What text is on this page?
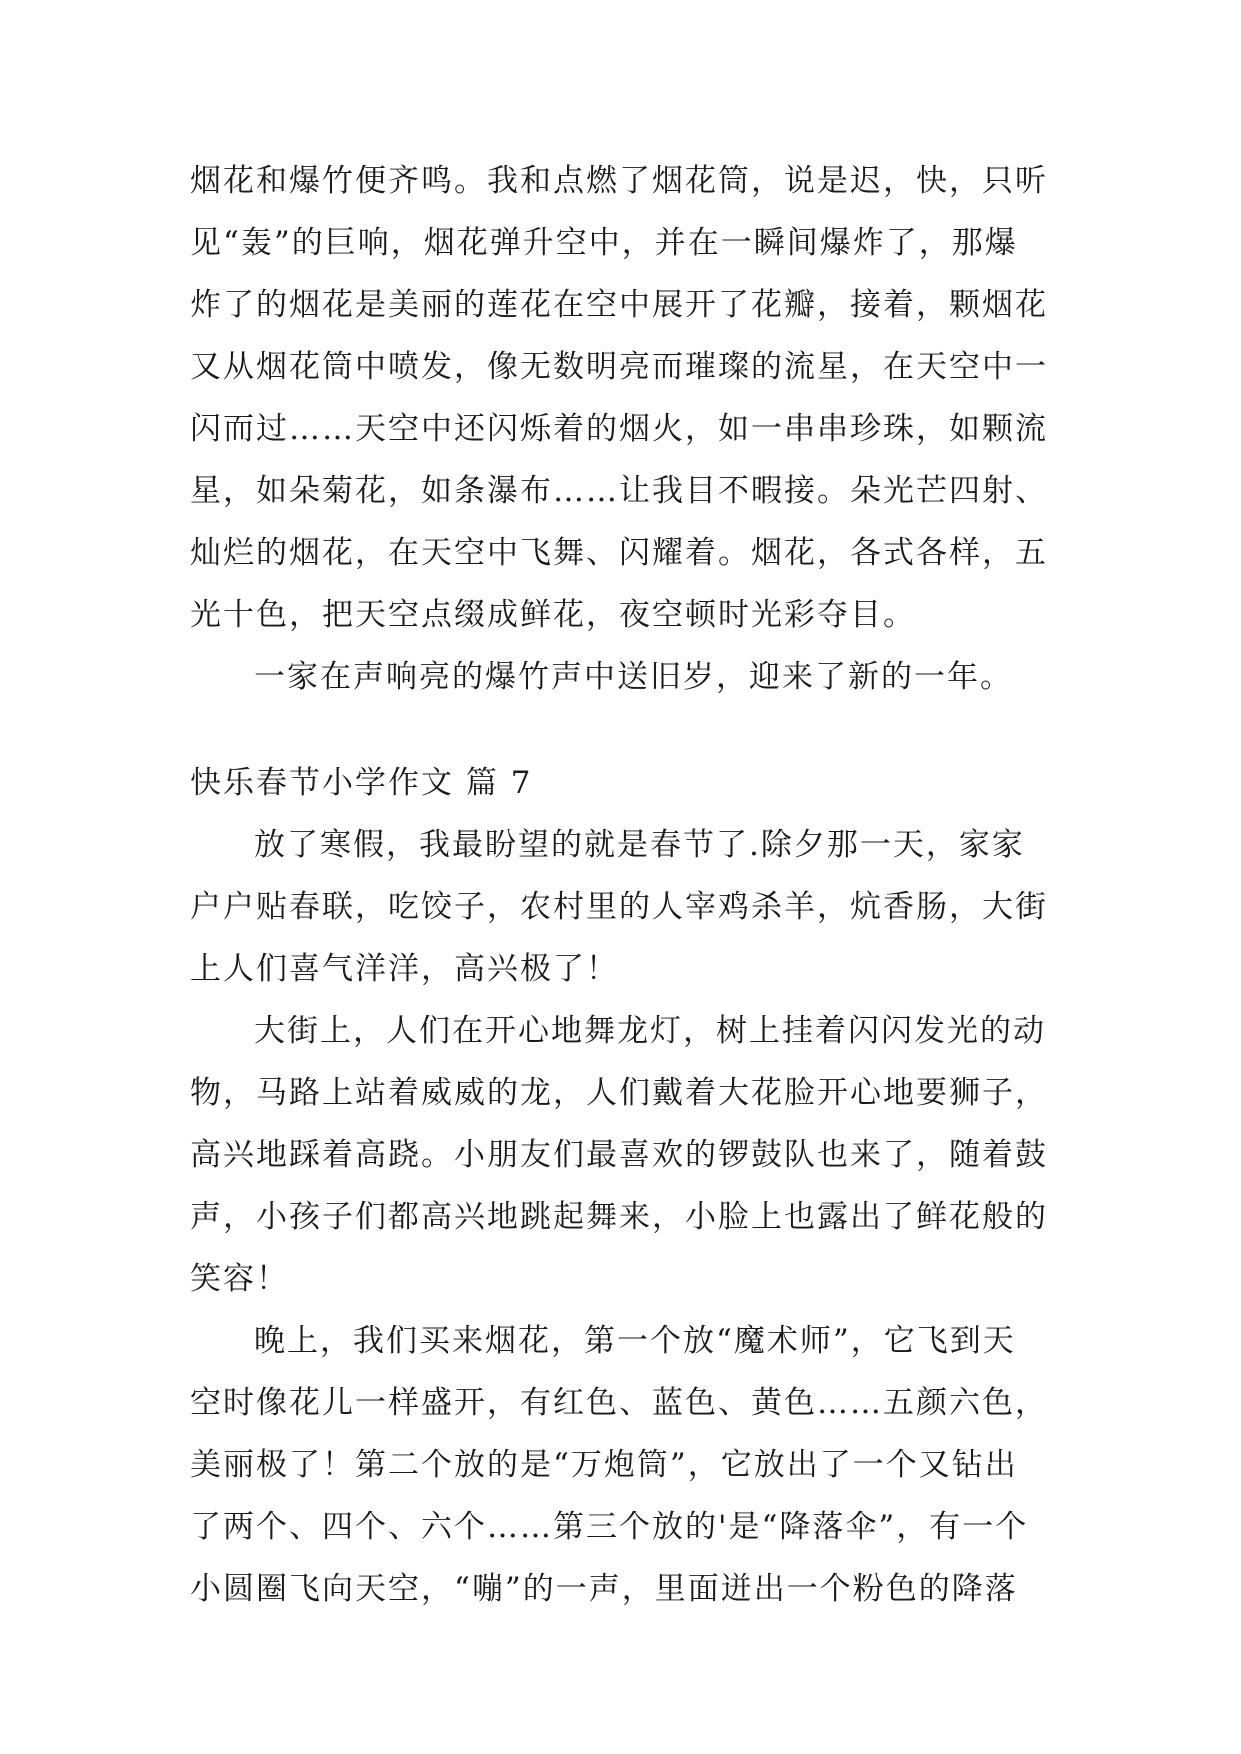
烟花和爆竹便齐鸣。我和点燃了烟花筒，说是迟，快，只听
见“轰”的巨响，烟花弹升空中，并在一瞬间爆炸了，那爆
炸了的烟花是美丽的莲花在空中展开了花瓣，接着，颗烟花
又从烟花筒中喷发，像无数明亮而璀璨的流星，在天空中一
闪而过……天空中还闪烁着的烟火，如一串串珍珠，如颗流
星，如朵菊花，如条瀑布……让我目不暇接。朵光芒四射、
灿烂的烟花，在天空中飞舞、闪耀着。烟花，各式各样，五
光十色，把天空点缀成鲜花，夜空顿时光彩夺目。
一家在声响亮的爆竹声中送旧岁，迎来了新的一年。
快乐春节小学作文 篇 7
放了寒假，我最盼望的就是春节了.除夕那一天，家家
户户贴春联，吃饺子，农村里的人宰鸡杀羊，炕香肠，大街
上人们喜气洋洋，高兴极了！
大街上，人们在开心地舞龙灯，树上挂着闪闪发光的动
物，马路上站着威威的龙，人们戴着大花脸开心地要狮子，
高兴地踩着高跷。小朋友们最喜欢的锣鼓队也来了，随着鼓
声，小孩子们都高兴地跳起舞来，小脸上也露出了鲜花般的
笑容！
晚上，我们买来烟花，第一个放“魔术师”，它飞到天
空时像花儿一样盛开，有红色、蓝色、黄色……五颜六色，
美丽极了！第二个放的是“万炮筒”，它放出了一个又钻出
了两个、四个、六个……第三个放的'是“降落伞”，有一个
小圆圈飞向天空，“嘣”的一声，里面迸出一个粉色的降落
